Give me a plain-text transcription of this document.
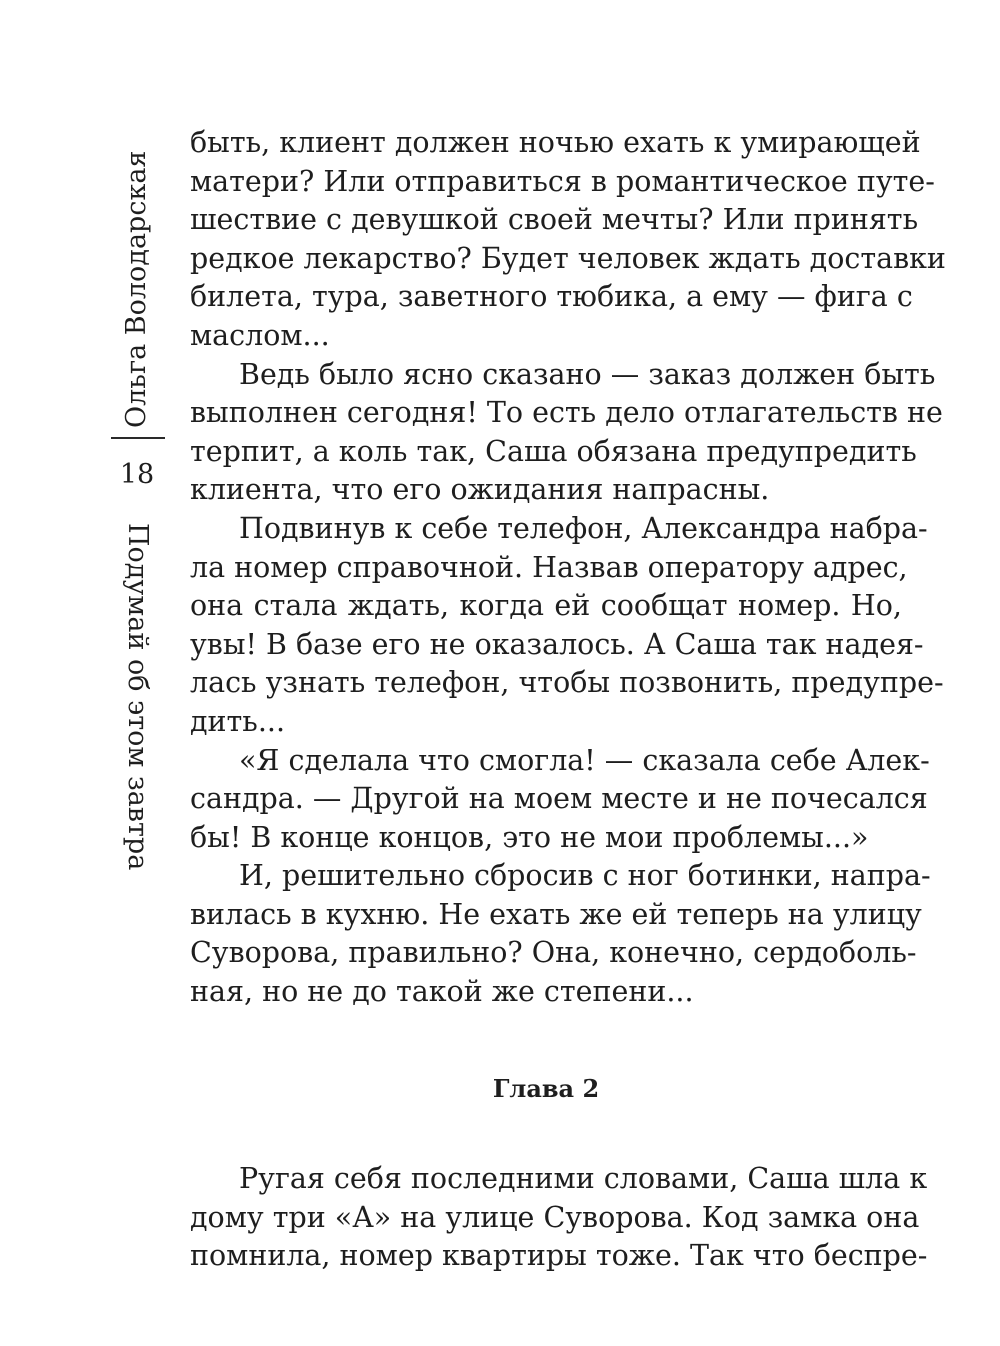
Ольга Володарская
18
Подумай об этом завтра
быть, клиент должен ночью ехать к умирающей
матери? Или отправиться в романтическое путе-
шествие с девушкой своей мечты? Или принять
редкое лекарство? Будет человек ждать доставки
билета, тура, заветного тюбика, а ему — фига с
маслом...
Ведь было ясно сказано — заказ должен быть
выполнен сегодня! То есть дело отлагательств не
терпит, а коль так, Саша обязана предупредить
клиента, что его ожидания напрасны.
Подвинув к себе телефон, Александра набра-
ла номер справочной. Назвав оператору адрес,
она стала ждать, когда ей сообщат номер. Но,
увы! В базе его не оказалось. А Саша так надея-
лась узнать телефон, чтобы позвонить, предупре-
дить...
«Я сделала что смогла! — сказала себе Алек-
сандра. — Другой на моем месте и не почесался
бы! В конце концов, это не мои проблемы...»
И, решительно сбросив с ног ботинки, напра-
вилась в кухню. Не ехать же ей теперь на улицу
Суворова, правильно? Она, конечно, сердоболь-
ная, но не до такой же степени...
Глава 2
Ругая себя последними словами, Саша шла к
дому три «А» на улице Суворова. Код замка она
помнила, номер квартиры тоже. Так что беспре-
